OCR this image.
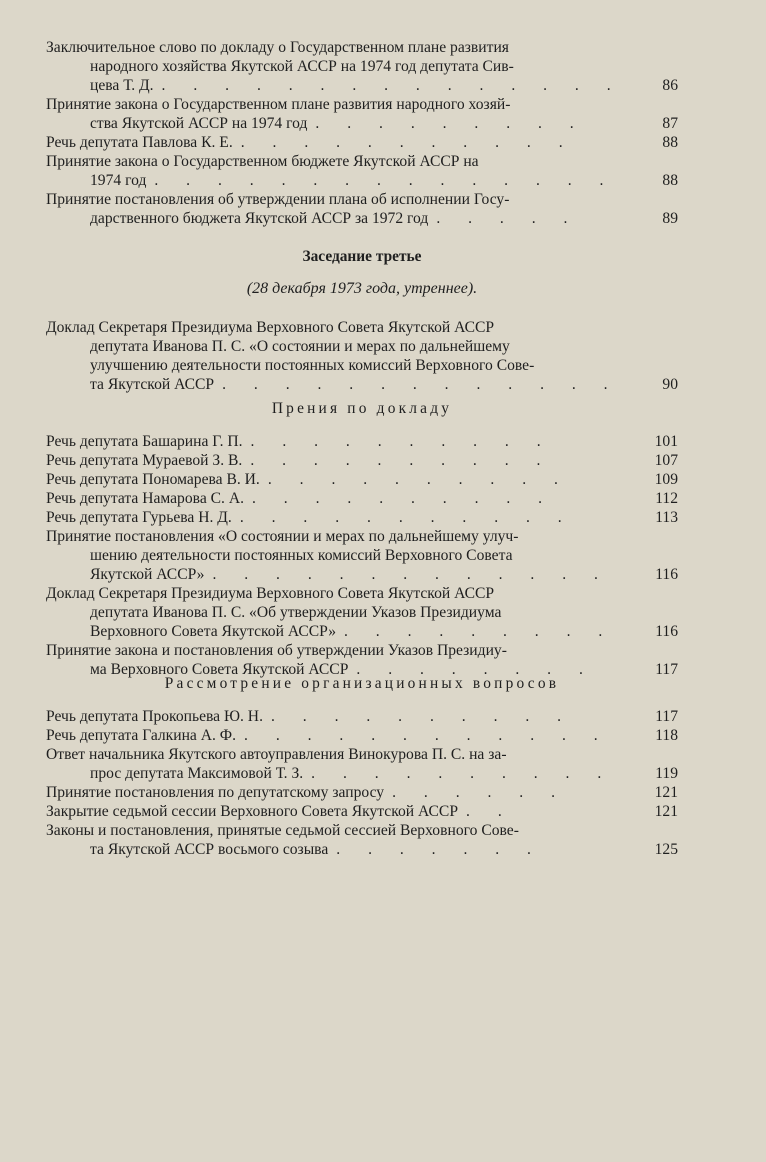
Заключительное слово по докладу о Государственном плане развития
народного хозяйства Якутской АССР на 1974 год депутата Сив-
цева Т. Д. . . . . . . . . . . . . . . .	86
Принятие закона о Государственном плане развития народного хозяй-
ства Якутской АССР на 1974 год . . . . . . . . .	87
Речь депутата Павлова К. Е. . . . . . . . . . . .	88
Принятие закона о Государственном бюджете Якутской АССР на
1974 год . . . . . . . . . . . . . . .	88
Принятие постановления об утверждении плана об исполнении Госу-
дарственного бюджета Якутской АССР за 1972 год . . . . .	89
Заседание третье
(28 декабря 1973 года, утреннее).
Доклад Секретаря Президиума Верховного Совета Якутской АССР
депутата Иванова П. С. «О состоянии и мерах по дальнейшему
улучшению деятельности постоянных комиссий Верховного Сове-
та Якутской АССР . . . . . . . . . . . . .	90
Прения по докладу
Речь депутата Башарина Г. П. . . . . . . . . . .	101
Речь депутата Мураевой З. В. . . . . . . . . . .	107
Речь депутата Пономарева В. И. . . . . . . . . . .	109
Речь депутата Намарова С. А. . . . . . . . . . .	112
Речь депутата Гурьева Н. Д. . . . . . . . . . . .	113
Принятие постановления «О состоянии и мерах по дальнейшему улуч-
шению деятельности постоянных комиссий Верховного Совета
Якутской АССР» . . . . . . . . . . . . .	116
Доклад Секретаря Президиума Верховного Совета Якутской АССР
депутата Иванова П. С. «Об утверждении Указов Президиума
Верховного Совета Якутской АССР» . . . . . . . . .	116
Принятие закона и постановления об утверждении Указов Президиу-
ма Верховного Совета Якутской АССР . . . . . . . .	117
Рассмотрение организационных вопросов
Речь депутата Прокопьева Ю. Н. . . . . . . . . . .	117
Речь депутата Галкина А. Ф. . . . . . . . . . . . .	118
Ответ начальника Якутского автоуправления Винокурова П. С. на за-
прос депутата Максимовой Т. З. . . . . . . . . . .	119
Принятие постановления по депутатскому запросу . . . . . .	121
Закрытие седьмой сессии Верховного Совета Якутской АССР . .	121
Законы и постановления, принятые седьмой сессией Верховного Сове-
та Якутской АССР восьмого созыва . . . . . . .	125
